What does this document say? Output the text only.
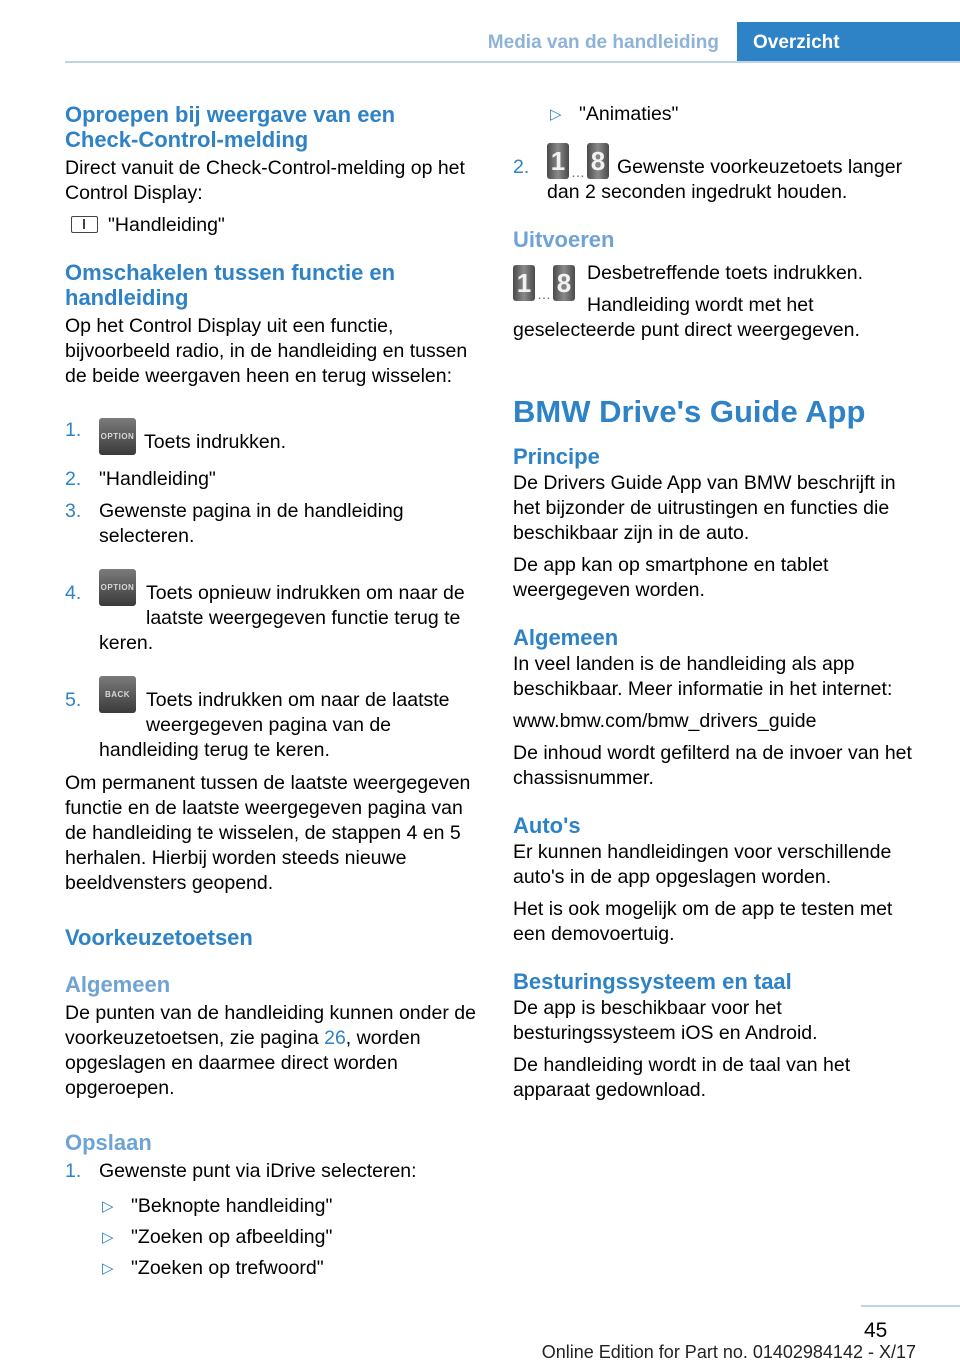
Media van de handleiding	Overzicht
Oproepen bij weergave van een Check-Control-melding

Direct vanuit de Check-Control-melding op het Control Display:

"Handleiding"

Omschakelen tussen functie en handleiding

Op het Control Display uit een functie, bijvoorbeeld radio, in de handleiding en tussen de beide weergaven heen en terug wisselen:

1.	OPTION Toets indrukken.
2. "Handleiding"
3. Gewenste pagina in de handleiding selecteren.
4.	OPTION Toets opnieuw indrukken om naar de laatste weergegeven functie terug te keren.
5.	BACK Toets indrukken om naar de laatste weergegeven pagina van de handleiding terug te keren.

Om permanent tussen de laatste weergegeven functie en de laatste weergegeven pagina van de handleiding te wisselen, de stappen 4 en 5 herhalen. Hierbij worden steeds nieuwe beeldvensters geopend.

Voorkeuzetoetsen
Algemeen

De punten van de handleiding kunnen onder de voorkeuzetoetsen, zie pagina 26, worden opgeslagen en daarmee direct worden opgeroepen.

Opslaan
1. Gewenste punt via iDrive selecteren:
▷ "Beknopte handleiding"
▷ "Zoeken op afbeelding"
▷ "Zoeken op trefwoord"
▷ "Animaties"
2. 1 … 8 Gewenste voorkeuzetoets langer dan 2 seconden ingedrukt houden.
Uitvoeren
1 … 8 Desbetreffende toets indrukken.

Handleiding wordt met het geselecteerde punt direct weergegeven.

BMW Drive's Guide App
Principe

De Drivers Guide App van BMW beschrijft in het bijzonder de uitrustingen en functies die beschikbaar zijn in de auto.

De app kan op smartphone en tablet weergegeven worden.

Algemeen

In veel landen is de handleiding als app beschikbaar. Meer informatie in het internet:

www.bmw.com/bmw_drivers_guide

De inhoud wordt gefilterd na de invoer van het chassisnummer.

Auto's

Er kunnen handleidingen voor verschillende auto's in de app opgeslagen worden.

Het is ook mogelijk om de app te testen met een demovoertuig.

Besturingssysteem en taal

De app is beschikbaar voor het besturingssysteem iOS en Android.

De handleiding wordt in de taal van het apparaat gedownload.

45
Online Edition for Part no. 01402984142 - X/17
